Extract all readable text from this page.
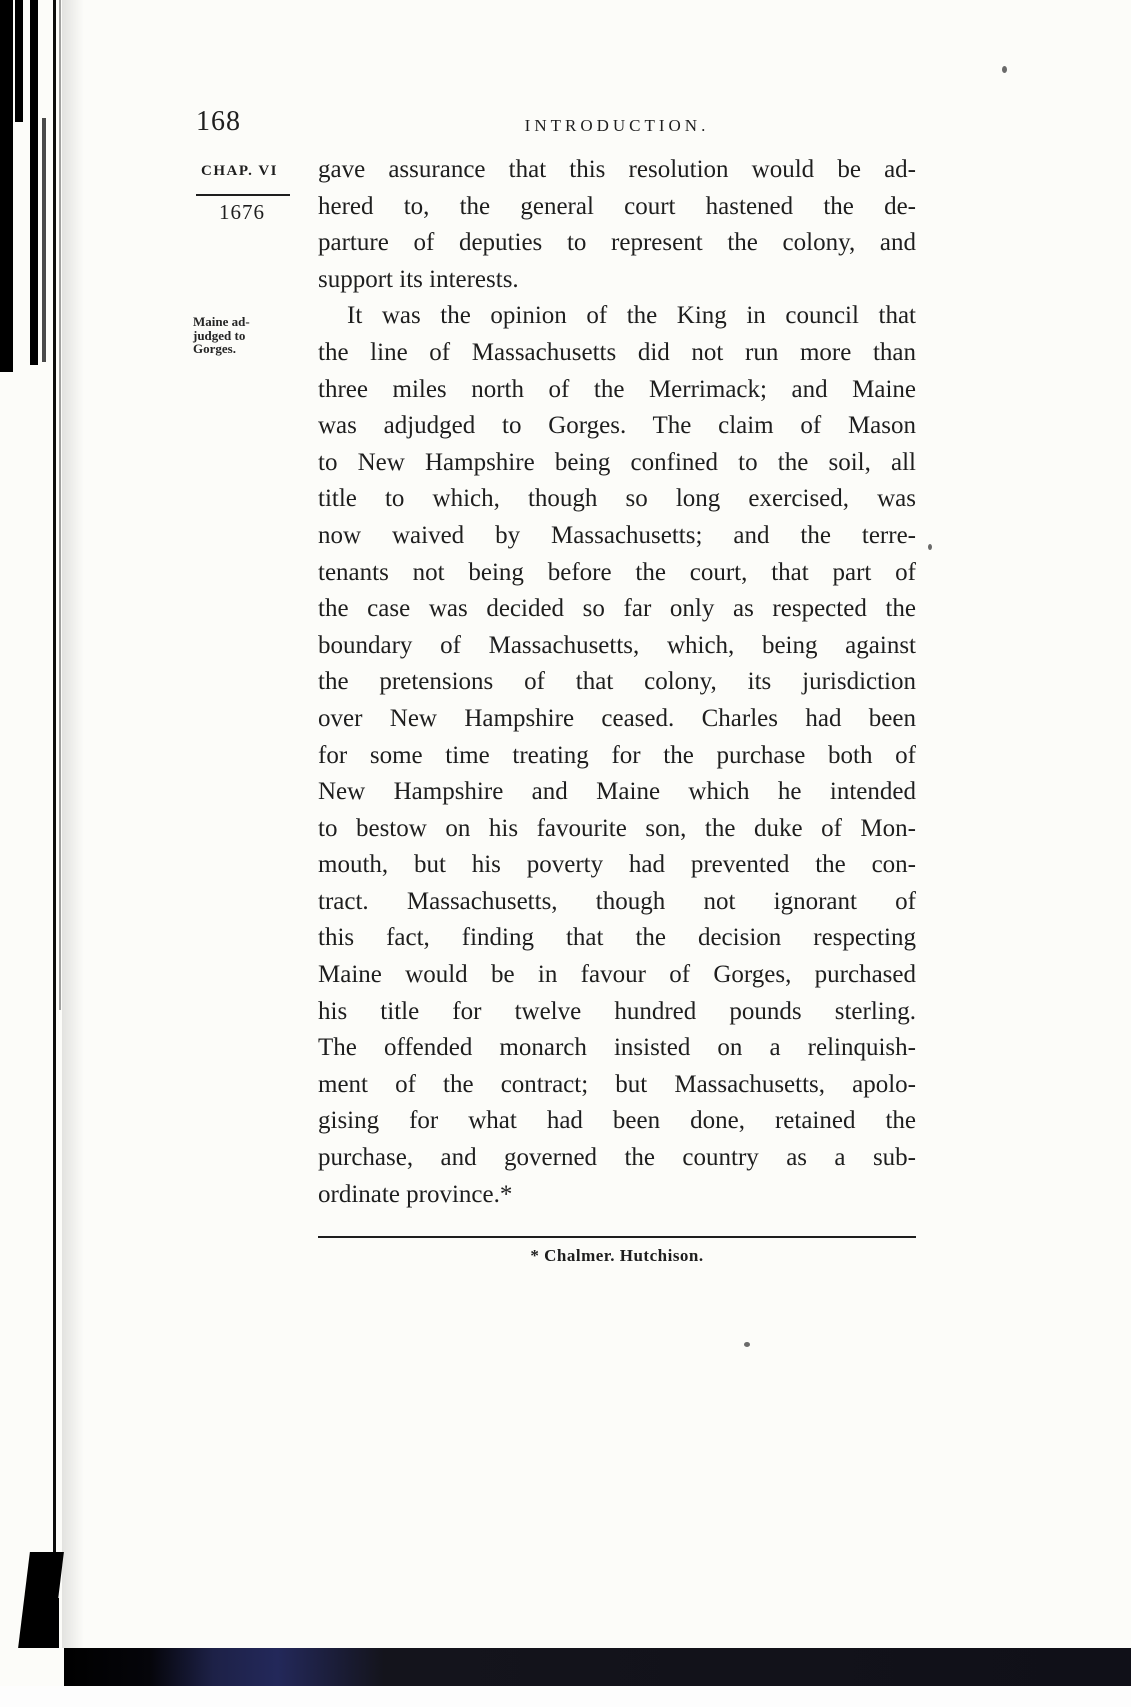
168	INTRODUCTION.
CHAP. VI
1676
Maine ad-
judged to
Gorges.
gave assurance that this resolution would be ad-
hered to, the general court hastened the de-
parture of deputies to represent the colony, and
support its interests.
It was the opinion of the King in council that
the line of Massachusetts did not run more than
three miles north of the Merrimack; and Maine
was adjudged to Gorges. The claim of Mason
to New Hampshire being confined to the soil, all
title to which, though so long exercised, was
now waived by Massachusetts; and the terre-
tenants not being before the court, that part of
the case was decided so far only as respected the
boundary of Massachusetts, which, being against
the pretensions of that colony, its jurisdiction
over New Hampshire ceased. Charles had been
for some time treating for the purchase both of
New Hampshire and Maine which he intended
to bestow on his favourite son, the duke of Mon-
mouth, but his poverty had prevented the con-
tract. Massachusetts, though not ignorant of
this fact, finding that the decision respecting
Maine would be in favour of Gorges, purchased
his title for twelve hundred pounds sterling.
The offended monarch insisted on a relinquish-
ment of the contract; but Massachusetts, apolo-
gising for what had been done, retained the
purchase, and governed the country as a sub-
ordinate province.*
* Chalmer. Hutchison.
